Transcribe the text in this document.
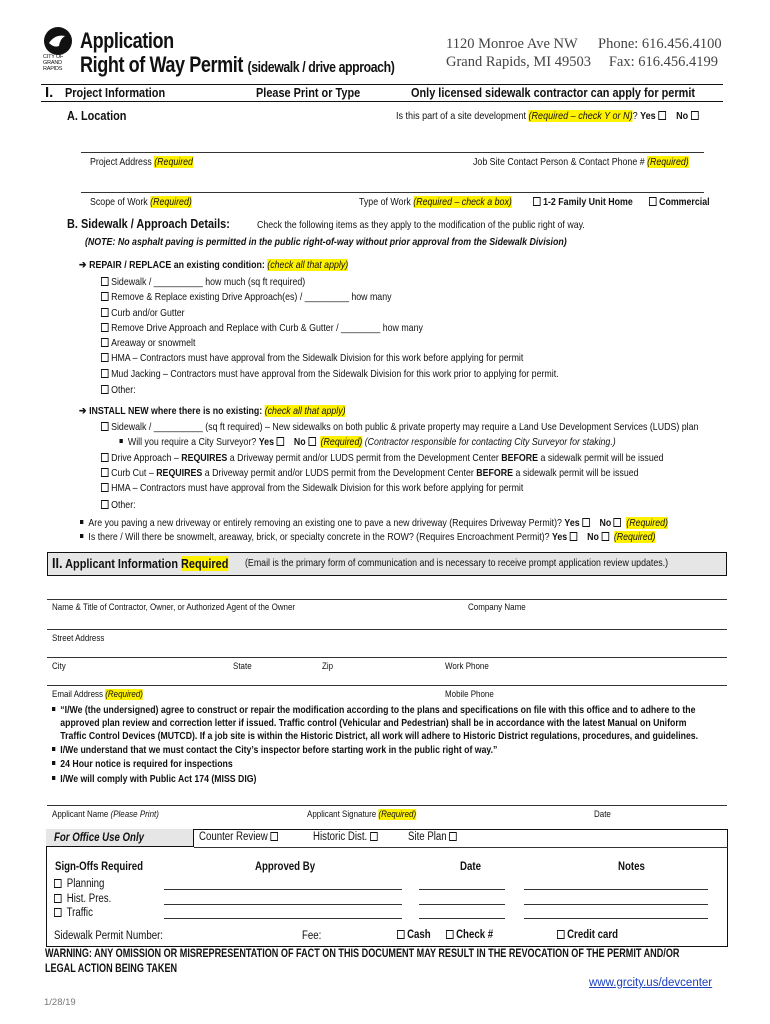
CITY OF GRAND RAPIDS
Application
Right of Way Permit (sidewalk / drive approach)
1120 Monroe Ave NW
Grand Rapids, MI 49503
Phone: 616.456.4100
Fax: 616.456.4199
I. Project Information	Please Print or Type	Only licensed sidewalk contractor can apply for permit
A. Location	Is this part of a site development (Required – check Y or N)? Yes No
Project Address (Required	Job Site Contact Person & Contact Phone # (Required)
Scope of Work (Required)	Type of Work (Required – check a box)	1-2 Family Unit Home	Commercial
B. Sidewalk / Approach Details:	Check the following items as they apply to the modification of the public right of way.
(NOTE: No asphalt paving is permitted in the public right-of-way without prior approval from the Sidewalk Division)
➔ REPAIR / REPLACE an existing condition: (check all that apply)
Sidewalk / __________ how much (sq ft required)
Remove & Replace existing Drive Approach(es) / _________ how many
Curb and/or Gutter
Remove Drive Approach and Replace with Curb & Gutter / ________ how many
Areaway or snowmelt
HMA – Contractors must have approval from the Sidewalk Division for this work before applying for permit
Mud Jacking – Contractors must have approval from the Sidewalk Division for this work prior to applying for permit.
Other:
➔ INSTALL NEW where there is no existing: (check all that apply)
Sidewalk / __________ (sq ft required) – New sidewalks on both public & private property may require a Land Use Development Services (LUDS) plan
Will you require a City Surveyor? Yes No (Required) (Contractor responsible for contacting City Surveyor for staking.)
Drive Approach – REQUIRES a Driveway permit and/or LUDS permit from the Development Center BEFORE a sidewalk permit will be issued
Curb Cut – REQUIRES a Driveway permit and/or LUDS permit from the Development Center BEFORE a sidewalk permit will be issued
HMA – Contractors must have approval from the Sidewalk Division for this work before applying for permit
Other:
Are you paving a new driveway or entirely removing an existing one to pave a new driveway (Requires Driveway Permit)? Yes No (Required)
Is there / Will there be snowmelt, areaway, brick, or specialty concrete in the ROW? (Requires Encroachment Permit)? Yes No (Required)
II. Applicant Information Required	(Email is the primary form of communication and is necessary to receive prompt application review updates.)
Name & Title of Contractor, Owner, or Authorized Agent of the Owner	Company Name
Street Address
City	State	Zip	Work Phone
Email Address (Required)	Mobile Phone
“I/We (the undersigned) agree to construct or repair the modification according to the plans and specifications on file with this office and to adhere to the
approved plan review and correction letter if issued. Traffic control (Vehicular and Pedestrian) shall be in accordance with the latest Manual on Uniform
Traffic Control Devices (MUTCD). If a job site is within the Historic District, all work will adhere to Historic District regulations, procedures, and guidelines.
I/We understand that we must contact the City’s inspector before starting work in the public right of way.”
24 Hour notice is required for inspections
I/We will comply with Public Act 174 (MISS DIG)
Applicant Name (Please Print)	Applicant Signature (Required)	Date
For Office Use Only	Counter Review	Historic Dist.	Site Plan
Sign-Offs Required	Approved By	Date	Notes
Planning
Hist. Pres.
Traffic
Sidewalk Permit Number:	Fee:	Cash	Check #	Credit card
WARNING: ANY OMISSION OR MISREPRESENTATION OF FACT ON THIS DOCUMENT MAY RESULT IN THE REVOCATION OF THE PERMIT AND/OR
LEGAL ACTION BEING TAKEN
www.grcity.us/devcenter
1/28/19
